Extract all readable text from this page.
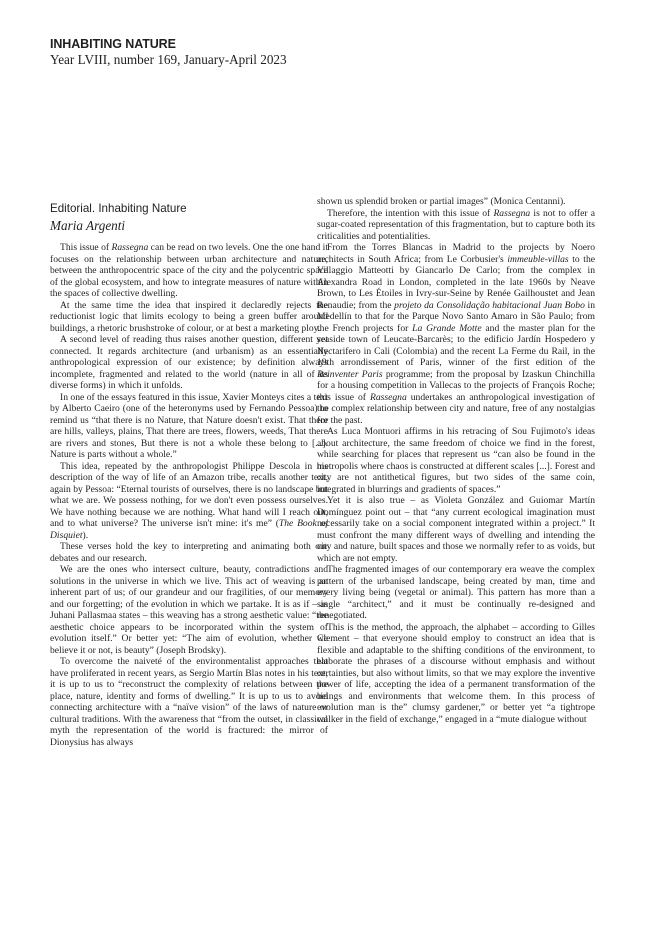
INHABITING NATURE
Year LVIII, number 169, January-April 2023
Editorial. Inhabiting Nature
Maria Argenti

This issue of Rassegna can be read on two levels. One the one hand it focuses on the relationship between urban architecture and nature, between the anthropocentric space of the city and the polycentric space of the global ecosystem, and how to integrate measures of nature within the spaces of collective dwelling.

At the same time the idea that inspired it declaredly rejects the reductionist logic that limits ecology to being a green buffer around buildings, a rhetoric brushstroke of colour, or at best a marketing ploy.

A second level of reading thus raises another question, different yet connected. It regards architecture (and urbanism) as an essentially anthropological expression of our existence; by definition always incomplete, fragmented and related to the world (nature in all of its diverse forms) in which it unfolds.

In one of the essays featured in this issue, Xavier Monteys cites a text by Alberto Caeiro (one of the heteronyms used by Fernando Pessoa) to remind us “that there is no Nature, that Nature doesn't exist. That there are hills, valleys, plains, That there are trees, flowers, weeds, That there are rivers and stones, But there is not a whole these belong to [...]. Nature is parts without a whole.”

This idea, repeated by the anthropologist Philippe Descola in his description of the way of life of an Amazon tribe, recalls another text, again by Pessoa: “Eternal tourists of ourselves, there is no landscape but what we are. We possess nothing, for we don't even possess ourselves. We have nothing because we are nothing. What hand will I reach out, and to what universe? The universe isn't mine: it's me” (The Book of Disquiet).

These verses hold the key to interpreting and animating both our debates and our research.

We are the ones who intersect culture, beauty, contradictions and solutions in the universe in which we live. This act of weaving is an inherent part of us; of our grandeur and our fragilities, of our memory and our forgetting; of the evolution in which we partake. It is as if – as Juhani Pallasmaa states – this weaving has a strong aesthetic value: “the aesthetic choice appears to be incorporated within the system of evolution itself.” Or better yet: “The aim of evolution, whether we believe it or not, is beauty” (Joseph Brodsky).

To overcome the naiveté of the environmentalist approaches that have proliferated in recent years, as Sergio Martín Blas notes in his text, it is up to us to “reconstruct the complexity of relations between the place, nature, identity and forms of dwelling.” It is up to us to avoid connecting architecture with a “naïve vision” of the laws of nature or cultural traditions. With the awareness that “from the outset, in classical myth the representation of the world is fractured: the mirror of Dionysius has always

shown us splendid broken or partial images” (Monica Centanni).

Therefore, the intention with this issue of Rassegna is not to offer a sugar-coated representation of this fragmentation, but to capture both its criticalities and potentialities.

From the Torres Blancas in Madrid to the projects by Noero architects in South Africa; from Le Corbusier's immeuble-villas to the Villaggio Matteotti by Giancarlo De Carlo; from the complex in Alexandra Road in London, completed in the late 1960s by Neave Brown, to Les Étoiles in Ivry-sur-Seine by Renée Gailhoustet and Jean Renaudie; from the projeto da Consolidação habitacional Juan Bobo in Medellín to that for the Parque Novo Santo Amaro in São Paulo; from the French projects for La Grande Motte and the master plan for the seaside town of Leucate-Barcarès; to the edificio Jardín Hospedero y Nectarifero in Cali (Colombia) and the recent La Ferme du Rail, in the 19th arrondissement of Paris, winner of the first edition of the Reinventer Paris programme; from the proposal by Izaskun Chinchilla for a housing competition in Vallecas to the projects of François Roche; this issue of Rassegna undertakes an anthropological investigation of the complex relationship between city and nature, free of any nostalgias for the past.

As Luca Montuori affirms in his retracing of Sou Fujimoto's ideas about architecture, the same freedom of choice we find in the forest, while searching for places that represent us “can also be found in the metropolis where chaos is constructed at different scales [...]. Forest and city are not antithetical figures, but two sides of the same coin, integrated in blurrings and gradients of spaces.”

Yet it is also true – as Violeta González and Guiomar Martín Domínguez point out – that “any current ecological imagination must necessarily take on a social component integrated within a project.” It must confront the many different ways of dwelling and intending the city and nature, built spaces and those we normally refer to as voids, but which are not empty.

The fragmented images of our contemporary era weave the complex pattern of the urbanised landscape, being created by man, time and every living being (vegetal or animal). This pattern has more than a single “architect,” and it must be continually re-designed and renegotiated.

This is the method, the approach, the alphabet – according to Gilles Clement – that everyone should employ to construct an idea that is flexible and adaptable to the shifting conditions of the environment, to elaborate the phrases of a discourse without emphasis and without certainties, but also without limits, so that we may explore the inventive power of life, accepting the idea of a permanent transformation of the beings and environments that welcome them. In this process of evolution man is the” clumsy gardener,” or better yet “a tightrope walker in the field of exchange,” engaged in a “mute dialogue without
